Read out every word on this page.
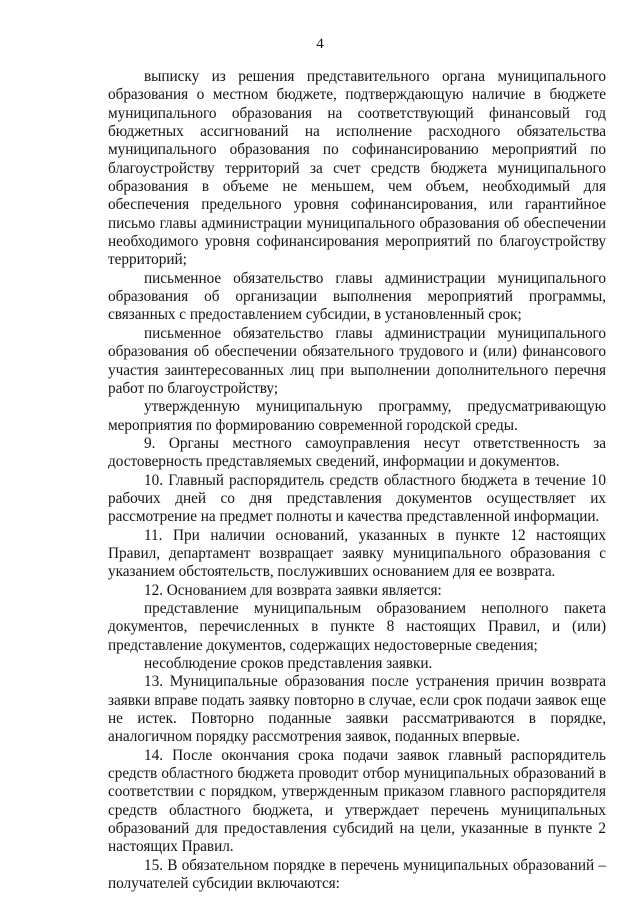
4

выписку из решения представительного органа муниципального образования о местном бюджете, подтверждающую наличие в бюджете муниципального образования на соответствующий финансовый год бюджетных ассигнований на исполнение расходного обязательства муниципального образования по софинансированию мероприятий по благоустройству территорий за счет средств бюджета муниципального образования в объеме не меньшем, чем объем, необходимый для обеспечения предельного уровня софинансирования, или гарантийное письмо главы администрации муниципального образования об обеспечении необходимого уровня софинансирования мероприятий по благоустройству территорий;

письменное обязательство главы администрации муниципального образования об организации выполнения мероприятий программы, связанных с предоставлением субсидии, в установленный срок;

письменное обязательство главы администрации муниципального образования об обеспечении обязательного трудового и (или) финансового участия заинтересованных лиц при выполнении дополнительного перечня работ по благоустройству;

утвержденную муниципальную программу, предусматривающую мероприятия по формированию современной городской среды.

9. Органы местного самоуправления несут ответственность за достоверность представляемых сведений, информации и документов.

10. Главный распорядитель средств областного бюджета в течение 10 рабочих дней со дня представления документов осуществляет их рассмотрение на предмет полноты и качества представленной информации.

11. При наличии оснований, указанных в пункте 12 настоящих Правил, департамент возвращает заявку муниципального образования с указанием обстоятельств, послуживших основанием для ее возврата.

12. Основанием для возврата заявки является:

представление муниципальным образованием неполного пакета документов, перечисленных в пункте 8 настоящих Правил, и (или) представление документов, содержащих недостоверные сведения;

несоблюдение сроков представления заявки.

13. Муниципальные образования после устранения причин возврата заявки вправе подать заявку повторно в случае, если срок подачи заявок еще не истек. Повторно поданные заявки рассматриваются в порядке, аналогичном порядку рассмотрения заявок, поданных впервые.

14. После окончания срока подачи заявок главный распорядитель средств областного бюджета проводит отбор муниципальных образований в соответствии с порядком, утвержденным приказом главного распорядителя средств областного бюджета, и утверждает перечень муниципальных образований для предоставления субсидий на цели, указанные в пункте 2 настоящих Правил.

15. В обязательном порядке в перечень муниципальных образований – получателей субсидии включаются:
